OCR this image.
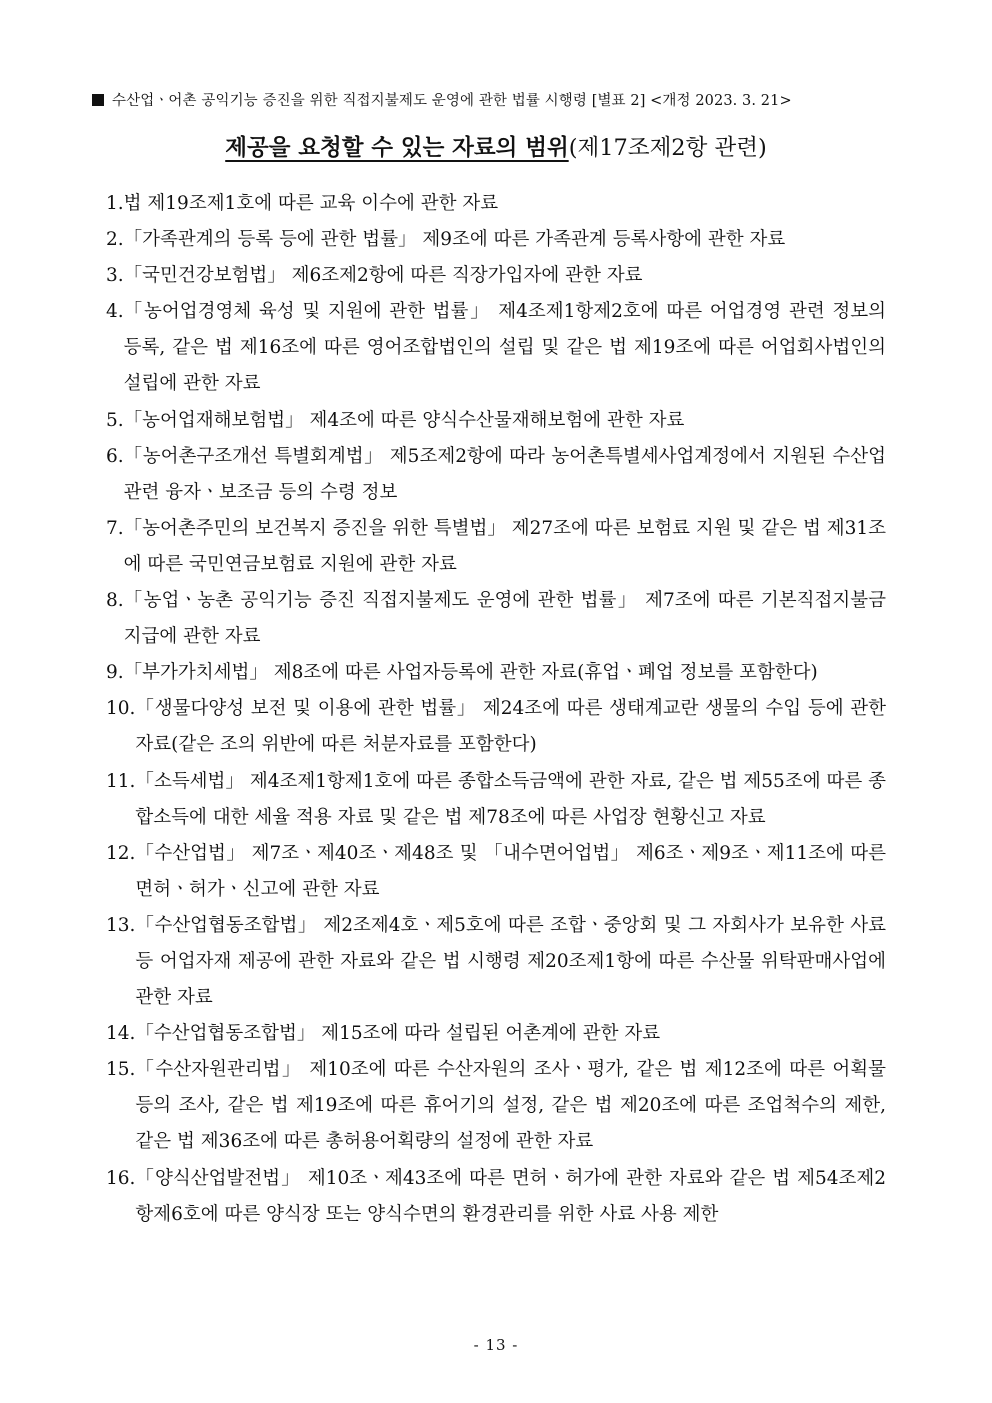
수산업ㆍ어촌 공익기능 증진을 위한 직접지불제도 운영에 관한 법률 시행령 [별표 2] <개정 2023. 3. 21>
제공을 요청할 수 있는 자료의 범위(제17조제2항 관련)
1. 법 제19조제1호에 따른 교육 이수에 관한 자료
2. 「가족관계의 등록 등에 관한 법률」 제9조에 따른 가족관계 등록사항에 관한 자료
3. 「국민건강보험법」 제6조제2항에 따른 직장가입자에 관한 자료
4. 「농어업경영체 육성 및 지원에 관한 법률」 제4조제1항제2호에 따른 어업경영 관련 정보의 등록, 같은 법 제16조에 따른 영어조합법인의 설립 및 같은 법 제19조에 따른 어업회사법인의 설립에 관한 자료
5. 「농어업재해보험법」 제4조에 따른 양식수산물재해보험에 관한 자료
6. 「농어촌구조개선 특별회계법」 제5조제2항에 따라 농어촌특별세사업계정에서 지원된 수산업 관련 융자ㆍ보조금 등의 수령 정보
7. 「농어촌주민의 보건복지 증진을 위한 특별법」 제27조에 따른 보험료 지원 및 같은 법 제31조에 따른 국민연금보험료 지원에 관한 자료
8. 「농업ㆍ농촌 공익기능 증진 직접지불제도 운영에 관한 법률」 제7조에 따른 기본직접지불금 지급에 관한 자료
9. 「부가가치세법」 제8조에 따른 사업자등록에 관한 자료(휴업ㆍ폐업 정보를 포함한다)
10. 「생물다양성 보전 및 이용에 관한 법률」 제24조에 따른 생태계교란 생물의 수입 등에 관한 자료(같은 조의 위반에 따른 처분자료를 포함한다)
11. 「소득세법」 제4조제1항제1호에 따른 종합소득금액에 관한 자료, 같은 법 제55조에 따른 종합소득에 대한 세율 적용 자료 및 같은 법 제78조에 따른 사업장 현황신고 자료
12. 「수산업법」 제7조ㆍ제40조ㆍ제48조 및 「내수면어업법」 제6조ㆍ제9조ㆍ제11조에 따른 면허ㆍ허가ㆍ신고에 관한 자료
13. 「수산업협동조합법」 제2조제4호ㆍ제5호에 따른 조합ㆍ중앙회 및 그 자회사가 보유한 사료 등 어업자재 제공에 관한 자료와 같은 법 시행령 제20조제1항에 따른 수산물 위탁판매사업에 관한 자료
14. 「수산업협동조합법」 제15조에 따라 설립된 어촌계에 관한 자료
15. 「수산자원관리법」 제10조에 따른 수산자원의 조사ㆍ평가, 같은 법 제12조에 따른 어획물 등의 조사, 같은 법 제19조에 따른 휴어기의 설정, 같은 법 제20조에 따른 조업척수의 제한, 같은 법 제36조에 따른 총허용어획량의 설정에 관한 자료
16. 「양식산업발전법」 제10조ㆍ제43조에 따른 면허ㆍ허가에 관한 자료와 같은 법 제54조제2항제6호에 따른 양식장 또는 양식수면의 환경관리를 위한 사료 사용 제한
- 13 -
